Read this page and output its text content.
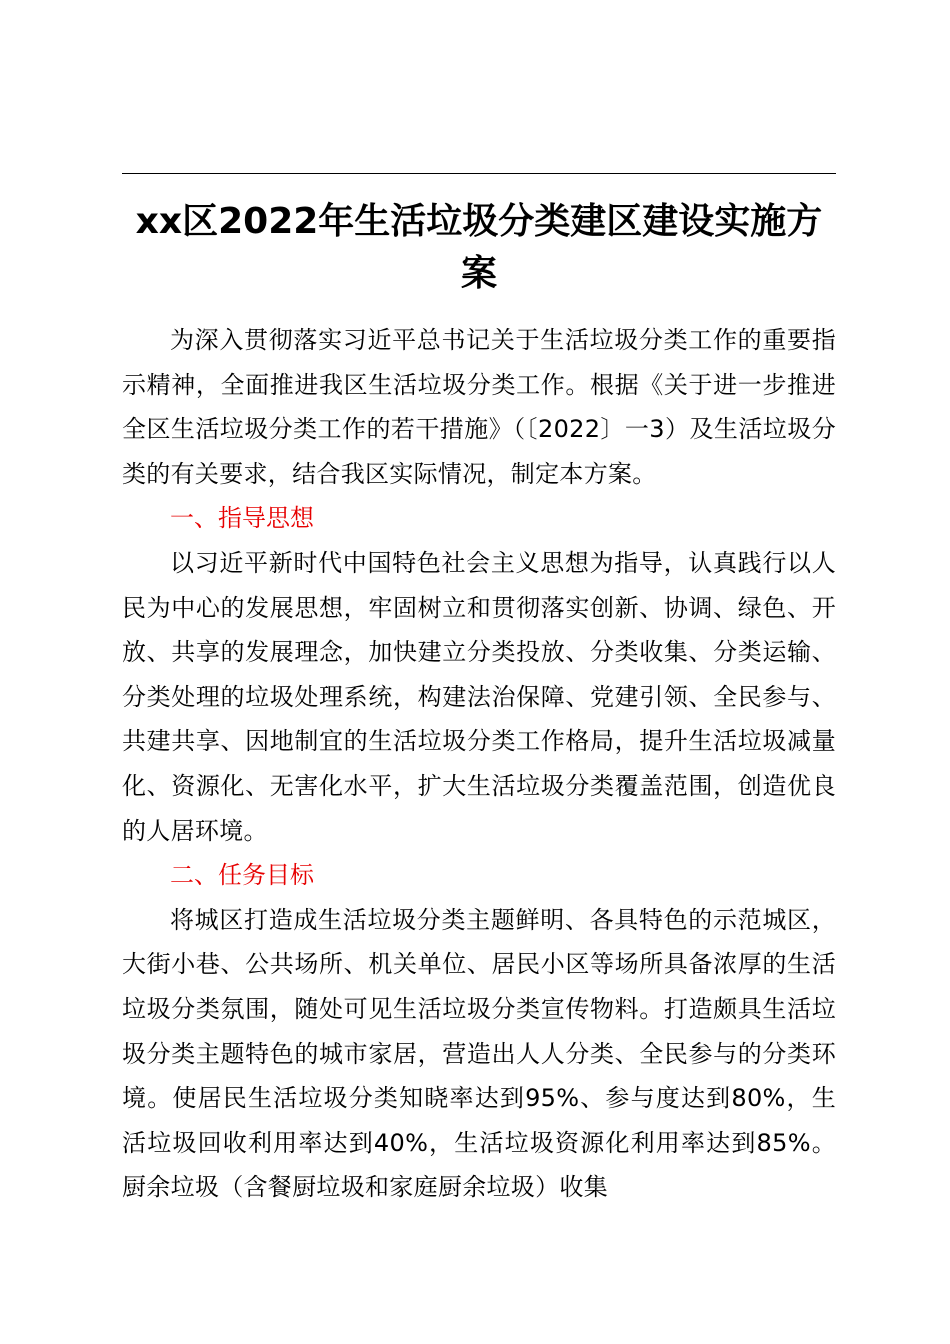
xx区2022年生活垃圾分类建区建设实施方案

为深入贯彻落实习近平总书记关于生活垃圾分类工作的重要指示精神，全面推进我区生活垃圾分类工作。根据《关于进一步推进全区生活垃圾分类工作的若干措施》（〔2022〕一3）及生活垃圾分类的有关要求，结合我区实际情况，制定本方案。

一、指导思想

以习近平新时代中国特色社会主义思想为指导，认真践行以人民为中心的发展思想，牢固树立和贯彻落实创新、协调、绿色、开放、共享的发展理念，加快建立分类投放、分类收集、分类运输、分类处理的垃圾处理系统，构建法治保障、党建引领、全民参与、共建共享、因地制宜的生活垃圾分类工作格局，提升生活垃圾减量化、资源化、无害化水平，扩大生活垃圾分类覆盖范围，创造优良的人居环境。

二、任务目标

将城区打造成生活垃圾分类主题鲜明、各具特色的示范城区，大街小巷、公共场所、机关单位、居民小区等场所具备浓厚的生活垃圾分类氛围，随处可见生活垃圾分类宣传物料。打造颇具生活垃圾分类主题特色的城市家居，营造出人人分类、全民参与的分类环境。使居民生活垃圾分类知晓率达到95%、参与度达到80%，生活垃圾回收利用率达到40%，生活垃圾资源化利用率达到85%。厨余垃圾（含餐厨垃圾和家庭厨余垃圾）收集
